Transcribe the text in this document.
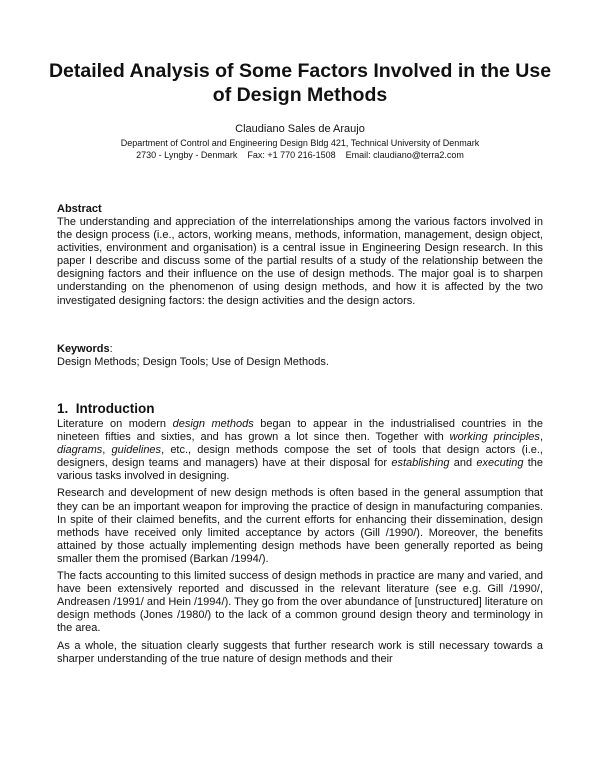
Detailed Analysis of Some Factors Involved in the Use of Design Methods
Claudiano Sales de Araujo
Department of Control and Engineering Design Bldg 421, Technical University of Denmark
2730 - Lyngby - Denmark Fax: +1 770 216-1508 Email: claudiano@terra2.com
Abstract

The understanding and appreciation of the interrelationships among the various factors involved in the design process (i.e., actors, working means, methods, information, management, design object, activities, environment and organisation) is a central issue in Engineering Design research. In this paper I describe and discuss some of the partial results of a study of the relationship between the designing factors and their influence on the use of design methods. The major goal is to sharpen understanding on the phenomenon of using design methods, and how it is affected by the two investigated designing factors: the design activities and the design actors.

Keywords:

Design Methods; Design Tools; Use of Design Methods.

1. Introduction

Literature on modern design methods began to appear in the industrialised countries in the nineteen fifties and sixties, and has grown a lot since then. Together with working principles, diagrams, guidelines, etc., design methods compose the set of tools that design actors (i.e., designers, design teams and managers) have at their disposal for establishing and executing the various tasks involved in designing.

Research and development of new design methods is often based in the general assumption that they can be an important weapon for improving the practice of design in manufacturing companies. In spite of their claimed benefits, and the current efforts for enhancing their dissemination, design methods have received only limited acceptance by actors (Gill /1990/). Moreover, the benefits attained by those actually implementing design methods have been generally reported as being smaller them the promised (Barkan /1994/).

The facts accounting to this limited success of design methods in practice are many and varied, and have been extensively reported and discussed in the relevant literature (see e.g. Gill /1990/, Andreasen /1991/ and Hein /1994/). They go from the over abundance of [unstructured] literature on design methods (Jones /1980/) to the lack of a common ground design theory and terminology in the area.

As a whole, the situation clearly suggests that further research work is still necessary towards a sharper understanding of the true nature of design methods and their
